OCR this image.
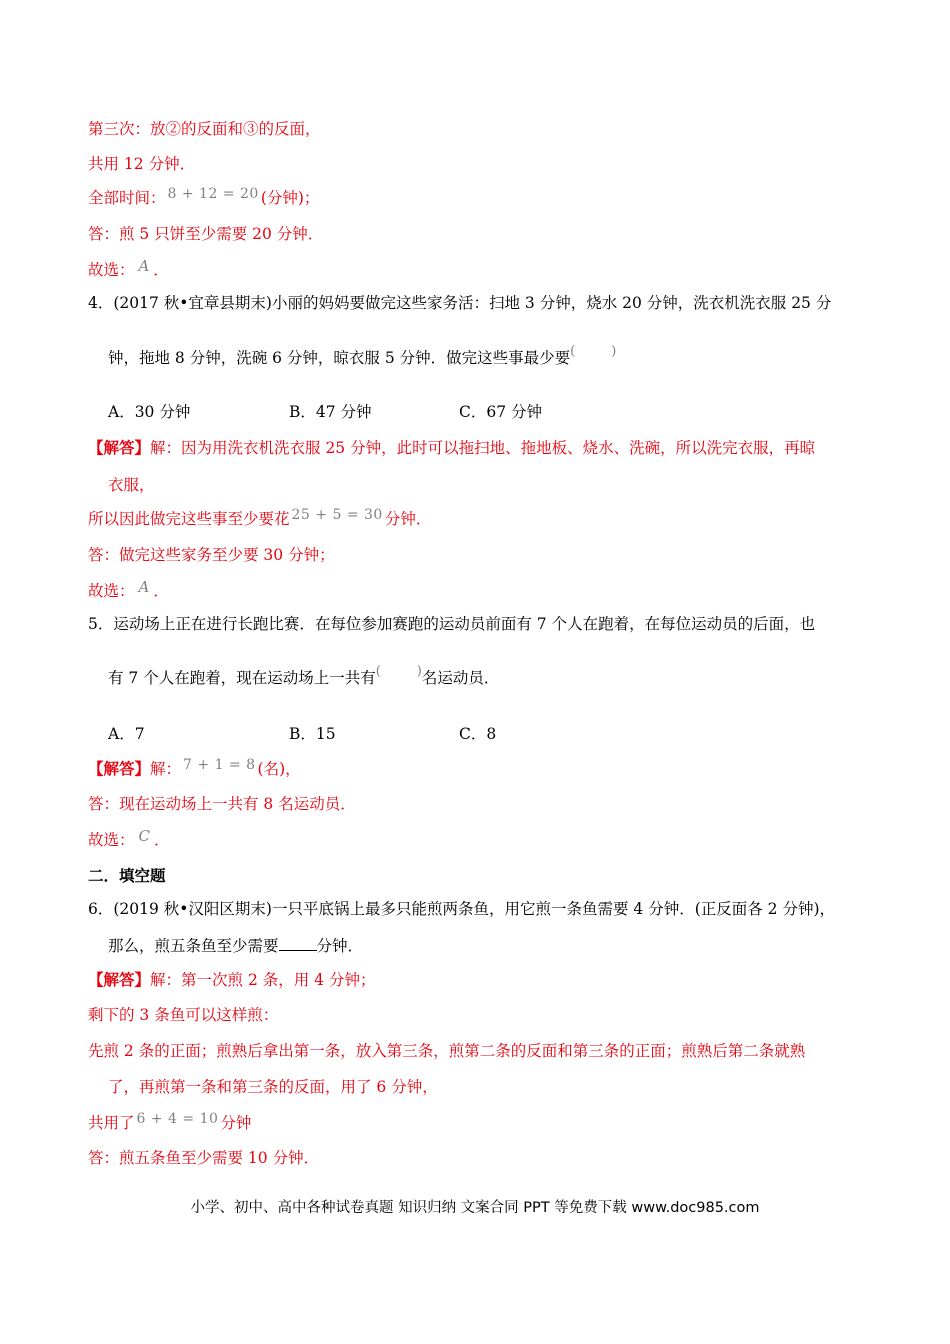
第三次：放②的反面和③的反面，
共用 12 分钟．
全部时间： 8 + 12 = 20 (分钟)；
答：煎 5 只饼至少需要 20 分钟．
故选： A ．
4．(2017 秋•宜章县期末)小丽的妈妈要做完这些家务活：扫地 3 分钟，烧水 20 分钟，洗衣机洗衣服 25 分
钟，拖地 8 分钟，洗碗 6 分钟，晾衣服 5 分钟．做完这些事最少要(	)
A．30 分钟	B．47 分钟	C．67 分钟
【解答】解：因为用洗衣机洗衣服 25 分钟，此时可以拖扫地、拖地板、烧水、洗碗，所以洗完衣服，再晾
衣服，
所以因此做完这些事至少要花 25 + 5 = 30 分钟．
答：做完这些家务至少要 30 分钟；
故选： A ．
5．运动场上正在进行长跑比赛．在每位参加赛跑的运动员前面有 7 个人在跑着，在每位运动员的后面，也
有 7 个人在跑着，现在运动场上一共有(	)名运动员．
A．7	B．15	C．8
【解答】解： 7 + 1 = 8 (名)，
答：现在运动场上一共有 8 名运动员．
故选： C ．
二．填空题
6．(2019 秋•汉阳区期末)一只平底锅上最多只能煎两条鱼，用它煎一条鱼需要 4 分钟．(正反面各 2 分钟)，
那么，煎五条鱼至少需要 分钟．
【解答】解：第一次煎 2 条，用 4 分钟；
剩下的 3 条鱼可以这样煎：
先煎 2 条的正面；煎熟后拿出第一条，放入第三条，煎第二条的反面和第三条的正面；煎熟后第二条就熟
了，再煎第一条和第三条的反面，用了 6 分钟，
共用了 6 + 4 = 10 分钟
答：煎五条鱼至少需要 10 分钟．
小学、初中、高中各种试卷真题 知识归纳 文案合同 PPT 等免费下载 www.doc985.com
